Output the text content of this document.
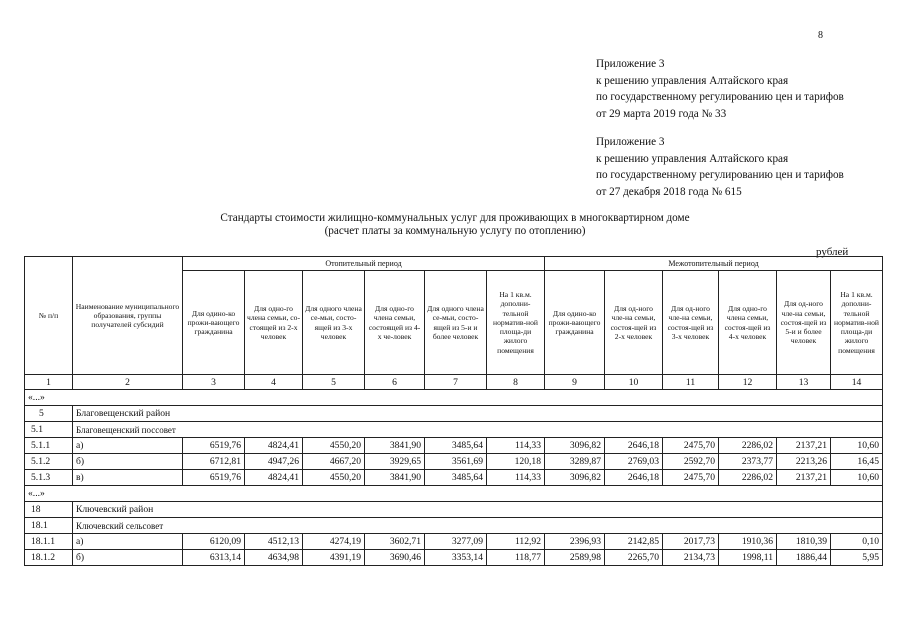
8
Приложение 3
к решению управления Алтайского края
по государственному регулированию цен и тарифов
от 29 марта 2019 года № 33
Приложение 3
к решению управления Алтайского края
по государственному регулированию цен и тарифов
от 27 декабря 2018 года № 615
Стандарты стоимости жилищно-коммунальных услуг для проживающих в многоквартирном доме
(расчет платы за коммунальную услугу по отоплению)
рублей
№ п/п	Наименование муниципального образования, группы получателей субсидий	Отопительный период						Межотопительный период					
		Для одино-ко прожи-вающего гражданина	Для одно-го члена семьи, со-стоящей из 2-х человек	Для одного члена се-мьи, состо-ящей из 3-х человек	Для одно-го члена семьи, состоящей из 4-х че-ловек	Для одного члена се-мьи, состо-ящей из 5-и и более человек	На 1 кв.м. дополни-тельной норматив-ной площа-ди жилого помещения	Для одино-ко прожи-вающего гражданина	Для од-ного чле-на семьи, состоя-щей из 2-х человек	Для од-ного чле-на семьи, состоя-щей из 3-х человек	Для одно-го члена семьи, состоя-щей из 4-х человек	Для од-ного чле-на семьи, состоя-щей из 5-и и более человек	На 1 кв.м. дополни-тельной норматив-ной площа-ди жилого помещения
1	2	3	4	5	6	7	8	9	10	11	12	13	14
«...»													
5	Благовещенский район												
5.1	Благовещенский поссовет												
5.1.1	а)	6519,76	4824,41	4550,20	3841,90	3485,64	114,33	3096,82	2646,18	2475,70	2286,02	2137,21	10,60
5.1.2	б)	6712,81	4947,26	4667,20	3929,65	3561,69	120,18	3289,87	2769,03	2592,70	2373,77	2213,26	16,45
5.1.3	в)	6519,76	4824,41	4550,20	3841,90	3485,64	114,33	3096,82	2646,18	2475,70	2286,02	2137,21	10,60
«...»													
18	Ключевский район												
18.1	Ключевский сельсовет												
18.1.1	а)	6120,09	4512,13	4274,19	3602,71	3277,09	112,92	2396,93	2142,85	2017,73	1910,36	1810,39	0,10
18.1.2	б)	6313,14	4634,98	4391,19	3690,46	3353,14	118,77	2589,98	2265,70	2134,73	1998,11	1886,44	5,95
